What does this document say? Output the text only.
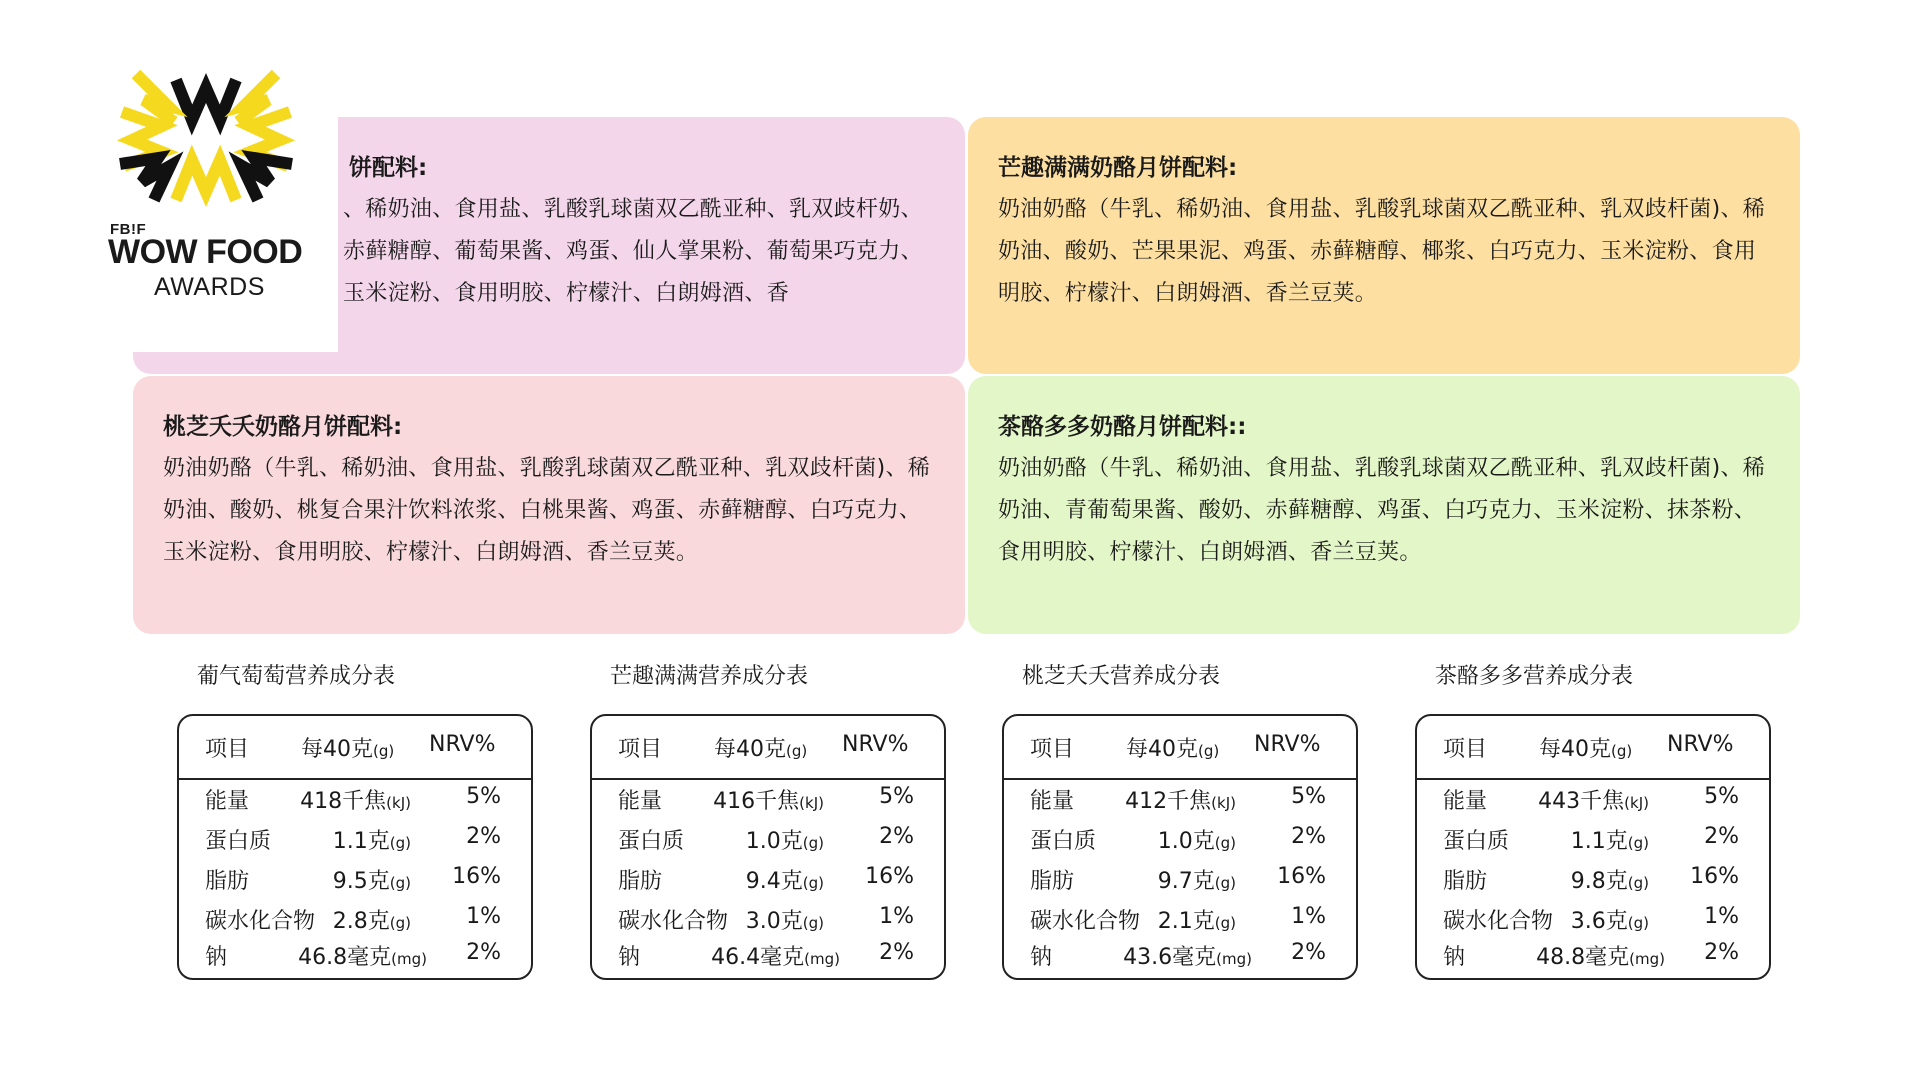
饼配料:
、稀奶油、食用盐、乳酸乳球菌双乙酰亚种、乳双歧杆奶、赤藓糖醇、葡萄果酱、鸡蛋、仙人掌果粉、葡萄果巧克力、玉米淀粉、食用明胶、柠檬汁、白朗姆酒、香
芒趣满满奶酪月饼配料:
奶油奶酪（牛乳、稀奶油、食用盐、乳酸乳球菌双乙酰亚种、乳双歧杆菌)、稀奶油、酸奶、芒果果泥、鸡蛋、赤藓糖醇、椰浆、白巧克力、玉米淀粉、食用明胶、柠檬汁、白朗姆酒、香兰豆荚。
桃芝夭夭奶酪月饼配料:
奶油奶酪（牛乳、稀奶油、食用盐、乳酸乳球菌双乙酰亚种、乳双歧杆菌)、稀奶油、酸奶、桃复合果汁饮料浓浆、白桃果酱、鸡蛋、赤藓糖醇、白巧克力、玉米淀粉、食用明胶、柠檬汁、白朗姆酒、香兰豆荚。
茶酪多多奶酪月饼配料::
奶油奶酪（牛乳、稀奶油、食用盐、乳酸乳球菌双乙酰亚种、乳双歧杆菌)、稀奶油、青葡萄果酱、酸奶、赤藓糖醇、鸡蛋、白巧克力、玉米淀粉、抹茶粉、食用明胶、柠檬汁、白朗姆酒、香兰豆荚。
FB!F
WOW FOOD
AWARDS
葡气萄萄营养成分表
项目 每40克(g) NRV%
能量 418千焦(kJ)	5%
蛋白质	1.1克(g)	2%
脂肪	9.5克(g) 16%
碳水化合物 2.8克(g)	1%
钠	46.8毫克(mg) 2%
芒趣满满营养成分表
项目 每40克(g) NRV%
能量 416千焦(kJ)	5%
蛋白质	1.0克(g)	2%
脂肪	9.4克(g) 16%
碳水化合物 3.0克(g)	1%
钠	46.4毫克(mg) 2%
桃芝夭夭营养成分表
项目 每40克(g) NRV%
能量 412千焦(kJ)	5%
蛋白质	1.0克(g)	2%
脂肪	9.7克(g) 16%
碳水化合物 2.1克(g)	1%
钠	43.6毫克(mg) 2%
茶酪多多营养成分表
项目 每40克(g) NRV%
能量 443千焦(kJ)	5%
蛋白质	1.1克(g)	2%
脂肪	9.8克(g) 16%
碳水化合物 3.6克(g)	1%
钠	48.8毫克(mg) 2%
